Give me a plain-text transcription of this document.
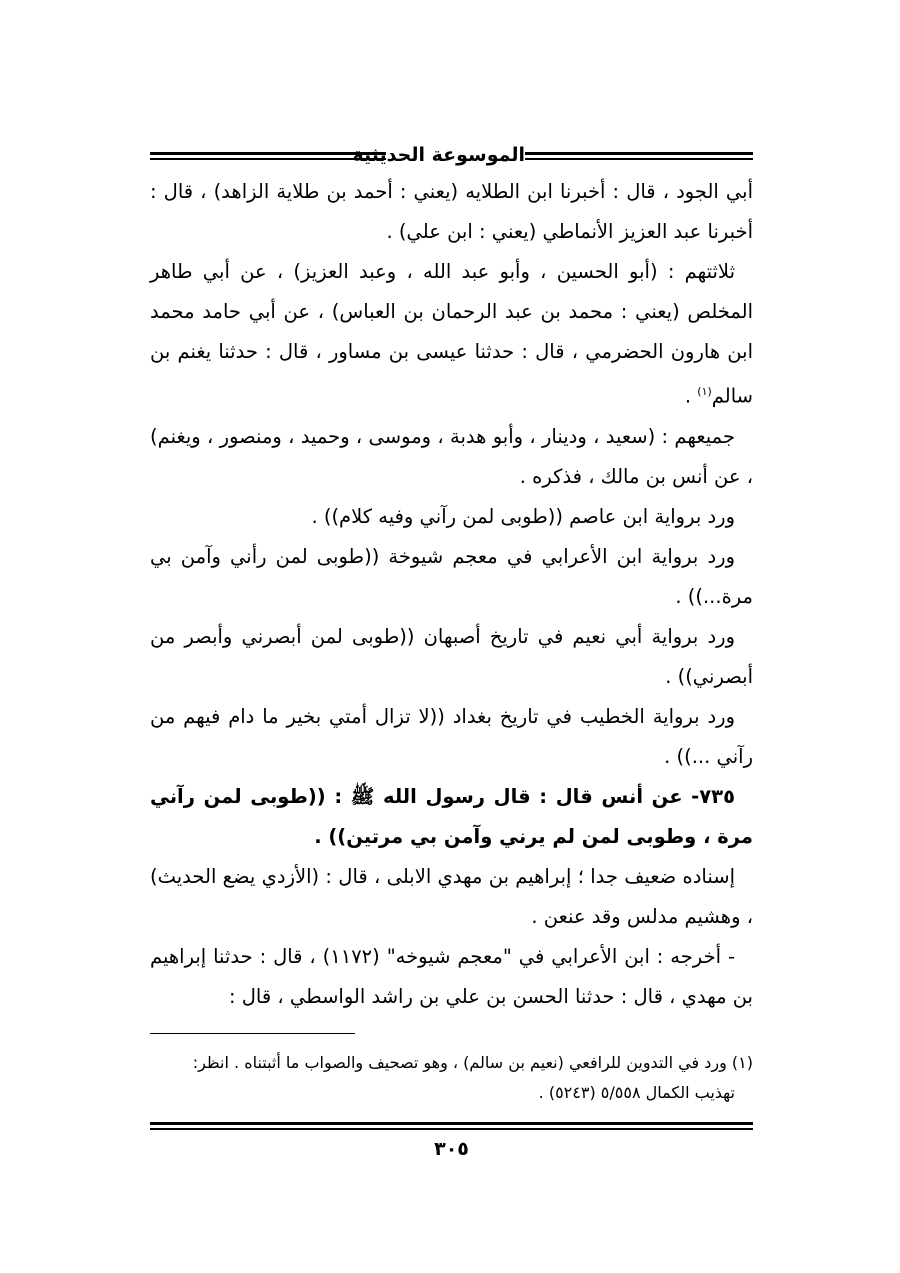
الموسوعة الحديثية

أبي الجود ، قال : أخبرنا ابن الطلايه (يعني : أحمد بن طلاية الزاهد) ، قال : أخبرنا عبد العزيز الأنماطي (يعني : ابن علي) .

ثلاثتهم : (أبو الحسين ، وأبو عبد الله ، وعبد العزيز) ، عن أبي طاهر المخلص (يعني : محمد بن عبد الرحمان بن العباس) ، عن أبي حامد محمد ابن هارون الحضرمي ، قال : حدثنا عيسى بن مساور ، قال : حدثنا يغنم بن سالم$^{(١)}$ .

جميعهم : (سعيد ، ودينار ، وأبو هدبة ، وموسى ، وحميد ، ومنصور ، ويغنم) ، عن أنس بن مالك ، فذكره .

ورد برواية ابن عاصم ((طوبى لمن رآني وفيه كلام)) .

ورد برواية ابن الأعرابي في معجم شيوخة ((طوبى لمن رأني وآمن بي مرة...)) .

ورد برواية أبي نعيم في تاريخ أصبهان ((طوبى لمن أبصرني وأبصر من أبصرني)) .

ورد برواية الخطيب في تاريخ بغداد ((لا تزال أمتي بخير ما دام فيهم من رآني ...)) .

٧٣٥- عن أنس قال : قال رسول الله ﷺ : ((طوبى لمن رآني مرة ، وطوبى لمن لم يرني وآمن بي مرتين)) .

إسناده ضعيف جدا ؛ إبراهيم بن مهدي الابلى ، قال : (الأزدي يضع الحديث) ، وهشيم مدلس وقد عنعن .

- أخرجه : ابن الأعرابي في "معجم شيوخه" (١١٧٢) ، قال : حدثنا إبراهيم بن مهدي ، قال : حدثنا الحسن بن علي بن راشد الواسطي ، قال :

(١) ورد في التدوين للرافعي (نعيم بن سالم) ، وهو تصحيف والصواب ما أثبتناه . انظر:

تهذيب الكمال ٥/٥٥٨ (٥٢٤٣) .

٣٠٥
